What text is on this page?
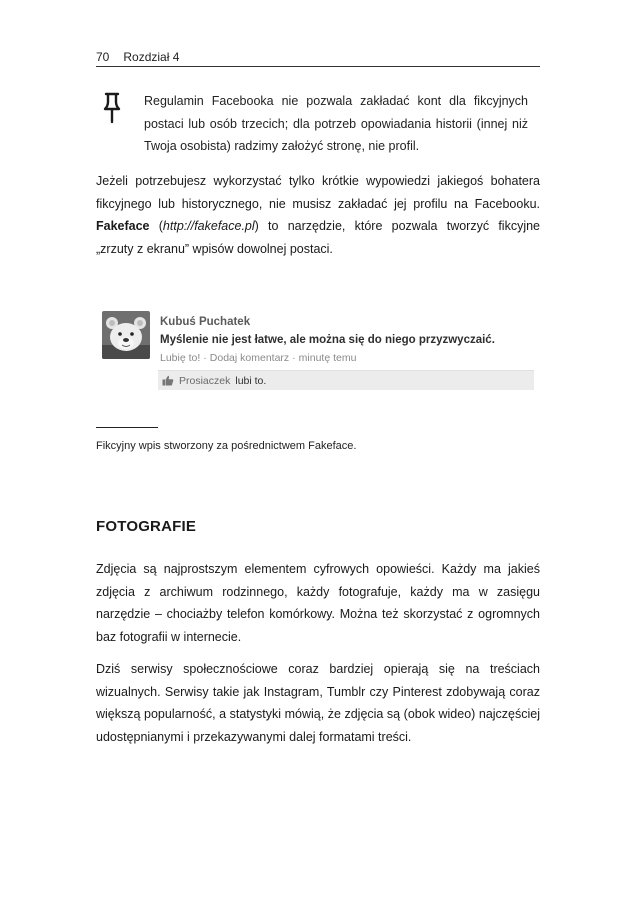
70 Rozdział 4
Regulamin Facebooka nie pozwala zakładać kont dla fikcyjnych postaci lub osób trzecich; dla potrzeb opowiadania historii (innej niż Twoja osobista) radzimy założyć stronę, nie profil.

Jeżeli potrzebujesz wykorzystać tylko krótkie wypowiedzi jakiegoś bohatera fikcyjnego lub historycznego, nie musisz zakładać jej profilu na Facebooku. Fakeface (http://fakeface.pl) to narzędzie, które pozwala tworzyć fikcyjne „zrzuty z ekranu” wpisów dowolnej postaci.

Kubuś Puchatek
Myślenie nie jest łatwe, ale można się do niego przyzwyczaić.
Lubię to! · Dodaj komentarz · minutę temu
Prosiaczek lubi to.
Fikcyjny wpis stworzony za pośrednictwem Fakeface.
FOTOGRAFIE

Zdjęcia są najprostszym elementem cyfrowych opowieści. Każdy ma jakieś zdjęcia z archiwum rodzinnego, każdy fotografuje, każdy ma w zasięgu narzędzie – chociażby telefon komórkowy. Można też skorzystać z ogromnych baz fotografii w internecie.

Dziś serwisy społecznościowe coraz bardziej opierają się na treściach wizualnych. Serwisy takie jak Instagram, Tumblr czy Pinterest zdobywają coraz większą popularność, a statystyki mówią, że zdjęcia są (obok wideo) najczęściej udostępnianymi i przekazywanymi dalej formatami treści.
